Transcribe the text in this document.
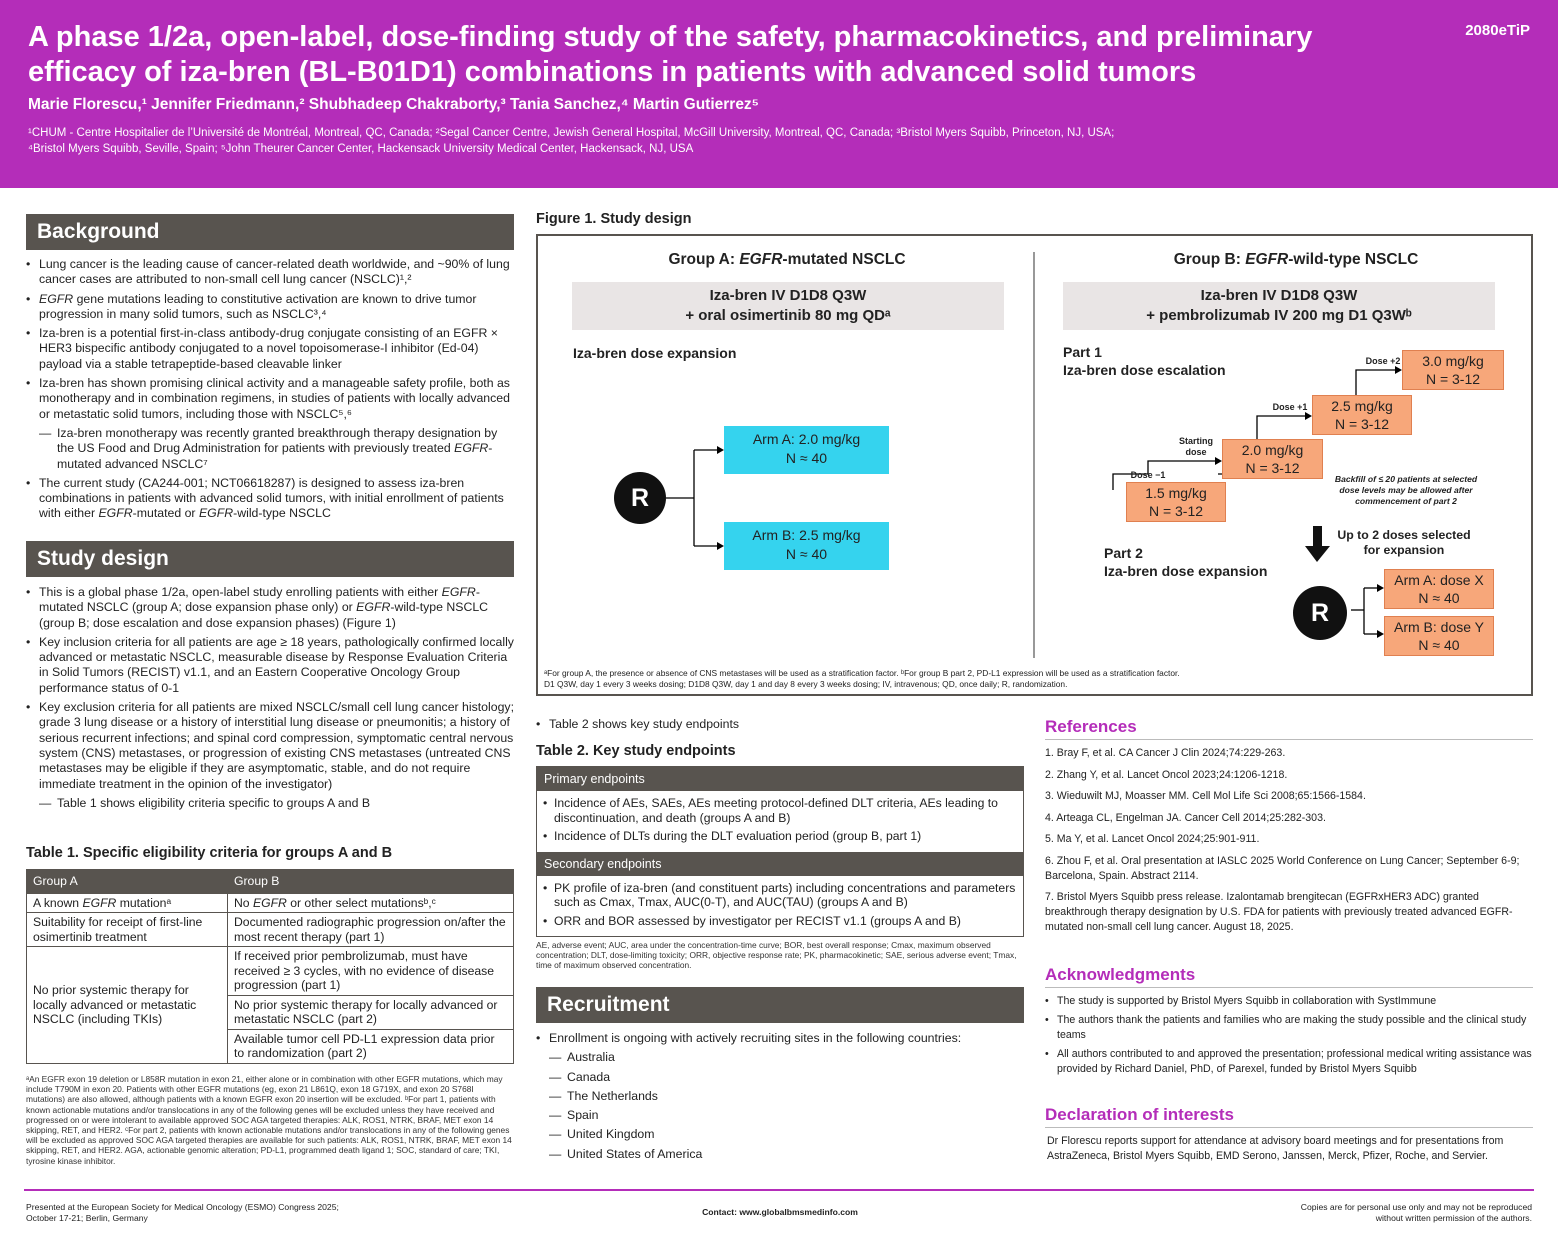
A phase 1/2a, open-label, dose-finding study of the safety, pharmacokinetics, and preliminary
efficacy of iza-bren (BL-B01D1) combinations in patients with advanced solid tumors
2080eTiP
Marie Florescu,¹ Jennifer Friedmann,² Shubhadeep Chakraborty,³ Tania Sanchez,⁴ Martin Gutierrez⁵
¹CHUM - Centre Hospitalier de l’Université de Montréal, Montreal, QC, Canada; ²Segal Cancer Centre, Jewish General Hospital, McGill University, Montreal, QC, Canada; ³Bristol Myers Squibb, Princeton, NJ, USA;
⁴Bristol Myers Squibb, Seville, Spain; ⁵John Theurer Cancer Center, Hackensack University Medical Center, Hackensack, NJ, USA
Background
• Lung cancer is the leading cause of cancer-related death worldwide, and ~90% of lung cancer cases are attributed to non-small cell lung cancer (NSCLC)¹,²
• EGFR gene mutations leading to constitutive activation are known to drive tumor progression in many solid tumors, such as NSCLC³,⁴
• Iza-bren is a potential first-in-class antibody-drug conjugate consisting of an EGFR × HER3 bispecific antibody conjugated to a novel topoisomerase-I inhibitor (Ed-04) payload via a stable tetrapeptide-based cleavable linker
• Iza-bren has shown promising clinical activity and a manageable safety profile, both as monotherapy and in combination regimens, in studies of patients with locally advanced or metastatic solid tumors, including those with NSCLC⁵,⁶
— Iza-bren monotherapy was recently granted breakthrough therapy designation by the US Food and Drug Administration for patients with previously treated EGFR-mutated advanced NSCLC⁷
• The current study (CA244-001; NCT06618287) is designed to assess iza-bren combinations in patients with advanced solid tumors, with initial enrollment of patients with either EGFR-mutated or EGFR-wild-type NSCLC
Study design
• This is a global phase 1/2a, open-label study enrolling patients with either EGFR-mutated NSCLC (group A; dose expansion phase only) or EGFR-wild-type NSCLC (group B; dose escalation and dose expansion phases) (Figure 1)
• Key inclusion criteria for all patients are age ≥ 18 years, pathologically confirmed locally advanced or metastatic NSCLC, measurable disease by Response Evaluation Criteria in Solid Tumors (RECIST) v1.1, and an Eastern Cooperative Oncology Group performance status of 0-1
• Key exclusion criteria for all patients are mixed NSCLC/small cell lung cancer histology; grade 3 lung disease or a history of interstitial lung disease or pneumonitis; a history of serious recurrent infections; and spinal cord compression, symptomatic central nervous system (CNS) metastases, or progression of existing CNS metastases (untreated CNS metastases may be eligible if they are asymptomatic, stable, and do not require immediate treatment in the opinion of the investigator)
— Table 1 shows eligibility criteria specific to groups A and B
Table 1. Specific eligibility criteria for groups A and B
Group A	Group B
A known EGFR mutationᵃ	No EGFR or other select mutationsᵇ,ᶜ
Suitability for receipt of first-line osimertinib treatment	Documented radiographic progression on/after the most recent therapy (part 1)
No prior systemic therapy for locally advanced or metastatic NSCLC (including TKIs)	If received prior pembrolizumab, must have received ≥ 3 cycles, with no evidence of disease progression (part 1)
	No prior systemic therapy for locally advanced or metastatic NSCLC (part 2)
	Available tumor cell PD-L1 expression data prior to randomization (part 2)
ᵃAn EGFR exon 19 deletion or L858R mutation in exon 21, either alone or in combination with other EGFR mutations, which may include T790M in exon 20. Patients with other EGFR mutations (eg, exon 21 L861Q, exon 18 G719X, and exon 20 S768I mutations) are also allowed, although patients with a known EGFR exon 20 insertion will be excluded. ᵇFor part 1, patients with known actionable mutations and/or translocations in any of the following genes will be excluded unless they have received and progressed on or were intolerant to available approved SOC AGA targeted therapies: ALK, ROS1, NTRK, BRAF, MET exon 14 skipping, RET, and HER2. ᶜFor part 2, patients with known actionable mutations and/or translocations in any of the following genes will be excluded as approved SOC AGA targeted therapies are available for such patients: ALK, ROS1, NTRK, BRAF, MET exon 14 skipping, RET, and HER2. AGA, actionable genomic alteration; PD-L1, programmed death ligand 1; SOC, standard of care; TKI, tyrosine kinase inhibitor.
Figure 1. Study design
Group A: EGFR-mutated NSCLC
Iza-bren IV D1D8 Q3W
+ oral osimertinib 80 mg QDᵃ
Iza-bren dose expansion
R
Arm A: 2.0 mg/kg
N ≈ 40
Arm B: 2.5 mg/kg
N ≈ 40
Group B: EGFR-wild-type NSCLC
Iza-bren IV D1D8 Q3W
+ pembrolizumab IV 200 mg D1 Q3Wᵇ
Part 1
Iza-bren dose escalation
Dose −1
Starting dose
Dose +1
Dose +2
1.5 mg/kg
N = 3-12
2.0 mg/kg
N = 3-12
2.5 mg/kg
N = 3-12
3.0 mg/kg
N = 3-12
Backfill of ≤ 20 patients at selected dose levels may be allowed after commencement of part 2
Up to 2 doses selected for expansion
Part 2
Iza-bren dose expansion
R
Arm A: dose X
N ≈ 40
Arm B: dose Y
N ≈ 40
ᵃFor group A, the presence or absence of CNS metastases will be used as a stratification factor. ᵇFor group B part 2, PD-L1 expression will be used as a stratification factor.
D1 Q3W, day 1 every 3 weeks dosing; D1D8 Q3W, day 1 and day 8 every 3 weeks dosing; IV, intravenous; QD, once daily; R, randomization.
• Table 2 shows key study endpoints
Table 2. Key study endpoints
Primary endpoints
• Incidence of AEs, SAEs, AEs meeting protocol-defined DLT criteria, AEs leading to discontinuation, and death (groups A and B)
• Incidence of DLTs during the DLT evaluation period (group B, part 1)
Secondary endpoints
• PK profile of iza-bren (and constituent parts) including concentrations and parameters such as Cmax, Tmax, AUC(0-T), and AUC(TAU) (groups A and B)
• ORR and BOR assessed by investigator per RECIST v1.1 (groups A and B)
AE, adverse event; AUC, area under the concentration-time curve; BOR, best overall response; Cmax, maximum observed concentration; DLT, dose-limiting toxicity; ORR, objective response rate; PK, pharmacokinetic; SAE, serious adverse event; Tmax, time of maximum observed concentration.
Recruitment
• Enrollment is ongoing with actively recruiting sites in the following countries:
— Australia
— Canada
— The Netherlands
— Spain
— United Kingdom
— United States of America
References
1. Bray F, et al. CA Cancer J Clin 2024;74:229-263.
2. Zhang Y, et al. Lancet Oncol 2023;24:1206-1218.
3. Wieduwilt MJ, Moasser MM. Cell Mol Life Sci 2008;65:1566-1584.
4. Arteaga CL, Engelman JA. Cancer Cell 2014;25:282-303.
5. Ma Y, et al. Lancet Oncol 2024;25:901-911.
6. Zhou F, et al. Oral presentation at IASLC 2025 World Conference on Lung Cancer; September 6-9; Barcelona, Spain. Abstract 2114.
7. Bristol Myers Squibb press release. Izalontamab brengitecan (EGFRxHER3 ADC) granted breakthrough therapy designation by U.S. FDA for patients with previously treated advanced EGFR-mutated non-small cell lung cancer. August 18, 2025.
Acknowledgments
• The study is supported by Bristol Myers Squibb in collaboration with SystImmune
• The authors thank the patients and families who are making the study possible and the clinical study teams
• All authors contributed to and approved the presentation; professional medical writing assistance was provided by Richard Daniel, PhD, of Parexel, funded by Bristol Myers Squibb
Declaration of interests
Dr Florescu reports support for attendance at advisory board meetings and for presentations from AstraZeneca, Bristol Myers Squibb, EMD Serono, Janssen, Merck, Pfizer, Roche, and Servier.
Presented at the European Society for Medical Oncology (ESMO) Congress 2025;
October 17-21; Berlin, Germany
Contact: www.globalbmsmedinfo.com	Copies are for personal use only and may not be reproduced
without written permission of the authors.
